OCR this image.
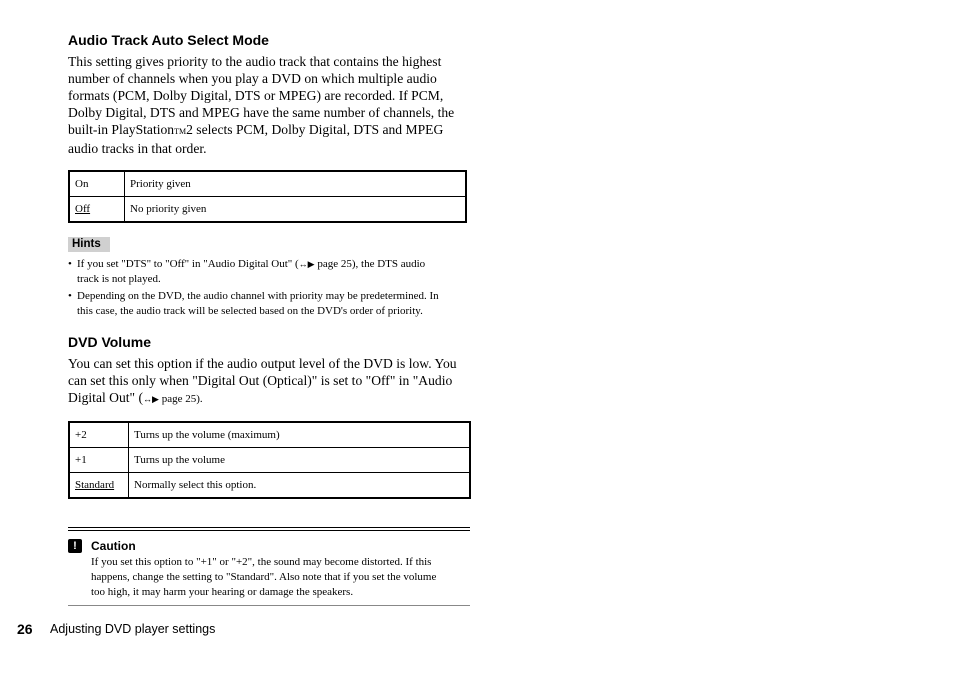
Audio Track Auto Select Mode
This setting gives priority to the audio track that contains the highest
number of channels when you play a DVD on which multiple audio
formats (PCM, Dolby Digital, DTS or MPEG) are recorded. If PCM,
Dolby Digital, DTS and MPEG have the same number of channels, the
built-in PlayStationTM2 selects PCM, Dolby Digital, DTS and MPEG
audio tracks in that order.
On	Priority given
Off	No priority given
Hints
• If you set "DTS" to "Off" in "Audio Digital Out" (↔▶ page 25), the DTS audio
track is not played.
• Depending on the DVD, the audio channel with priority may be predetermined. In
this case, the audio track will be selected based on the DVD's order of priority.
DVD Volume
You can set this option if the audio output level of the DVD is low. You
can set this only when "Digital Out (Optical)" is set to "Off" in "Audio
Digital Out" (↔▶ page 25).
+2	Turns up the volume (maximum)
+1	Turns up the volume
Standard	Normally select this option.
!	Caution
If you set this option to "+1" or "+2", the sound may become distorted. If this
happens, change the setting to "Standard". Also note that if you set the volume
too high, it may harm your hearing or damage the speakers.
26 Adjusting DVD player settings
